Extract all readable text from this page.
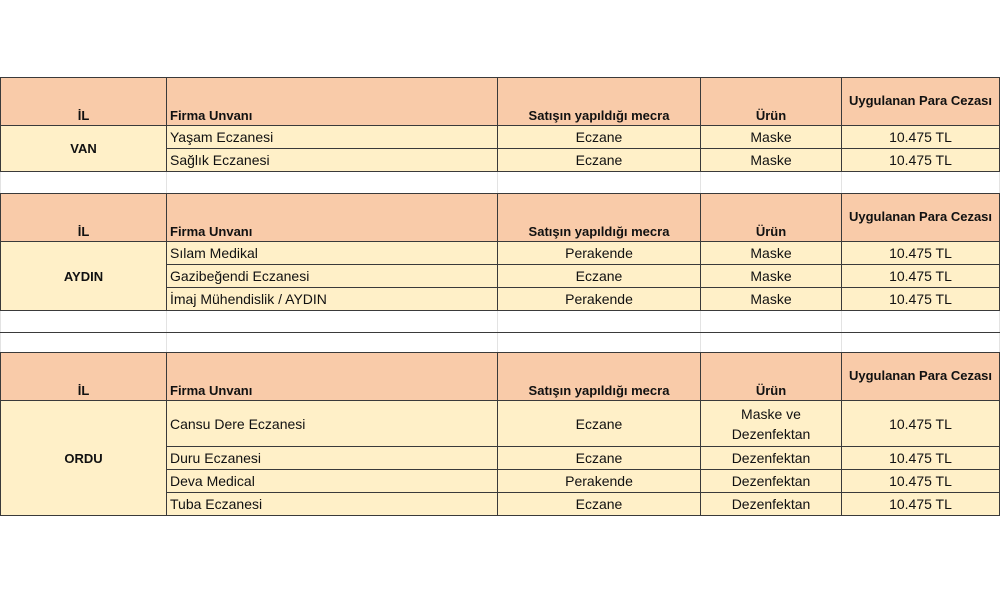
İL	Firma Unvanı	Satışın yapıldığı mecra	Ürün	Uygulanan Para Cezası
VAN	Yaşam Eczanesi	Eczane	Maske	10.475 TL
	Sağlık Eczanesi	Eczane	Maske	10.475 TL

İL	Firma Unvanı	Satışın yapıldığı mecra	Ürün	Uygulanan Para Cezası
AYDIN	Sılam Medikal	Perakende	Maske	10.475 TL
	Gazibeğendi Eczanesi	Eczane	Maske	10.475 TL
	İmaj Mühendislik / AYDIN	Perakende	Maske	10.475 TL

İL	Firma Unvanı	Satışın yapıldığı mecra	Ürün	Uygulanan Para Cezası
ORDU	Cansu Dere Eczanesi	Eczane	Maske ve Dezenfektan	10.475 TL
	Duru Eczanesi	Eczane	Dezenfektan	10.475 TL
	Deva Medical	Perakende	Dezenfektan	10.475 TL
	Tuba Eczanesi	Eczane	Dezenfektan	10.475 TL
